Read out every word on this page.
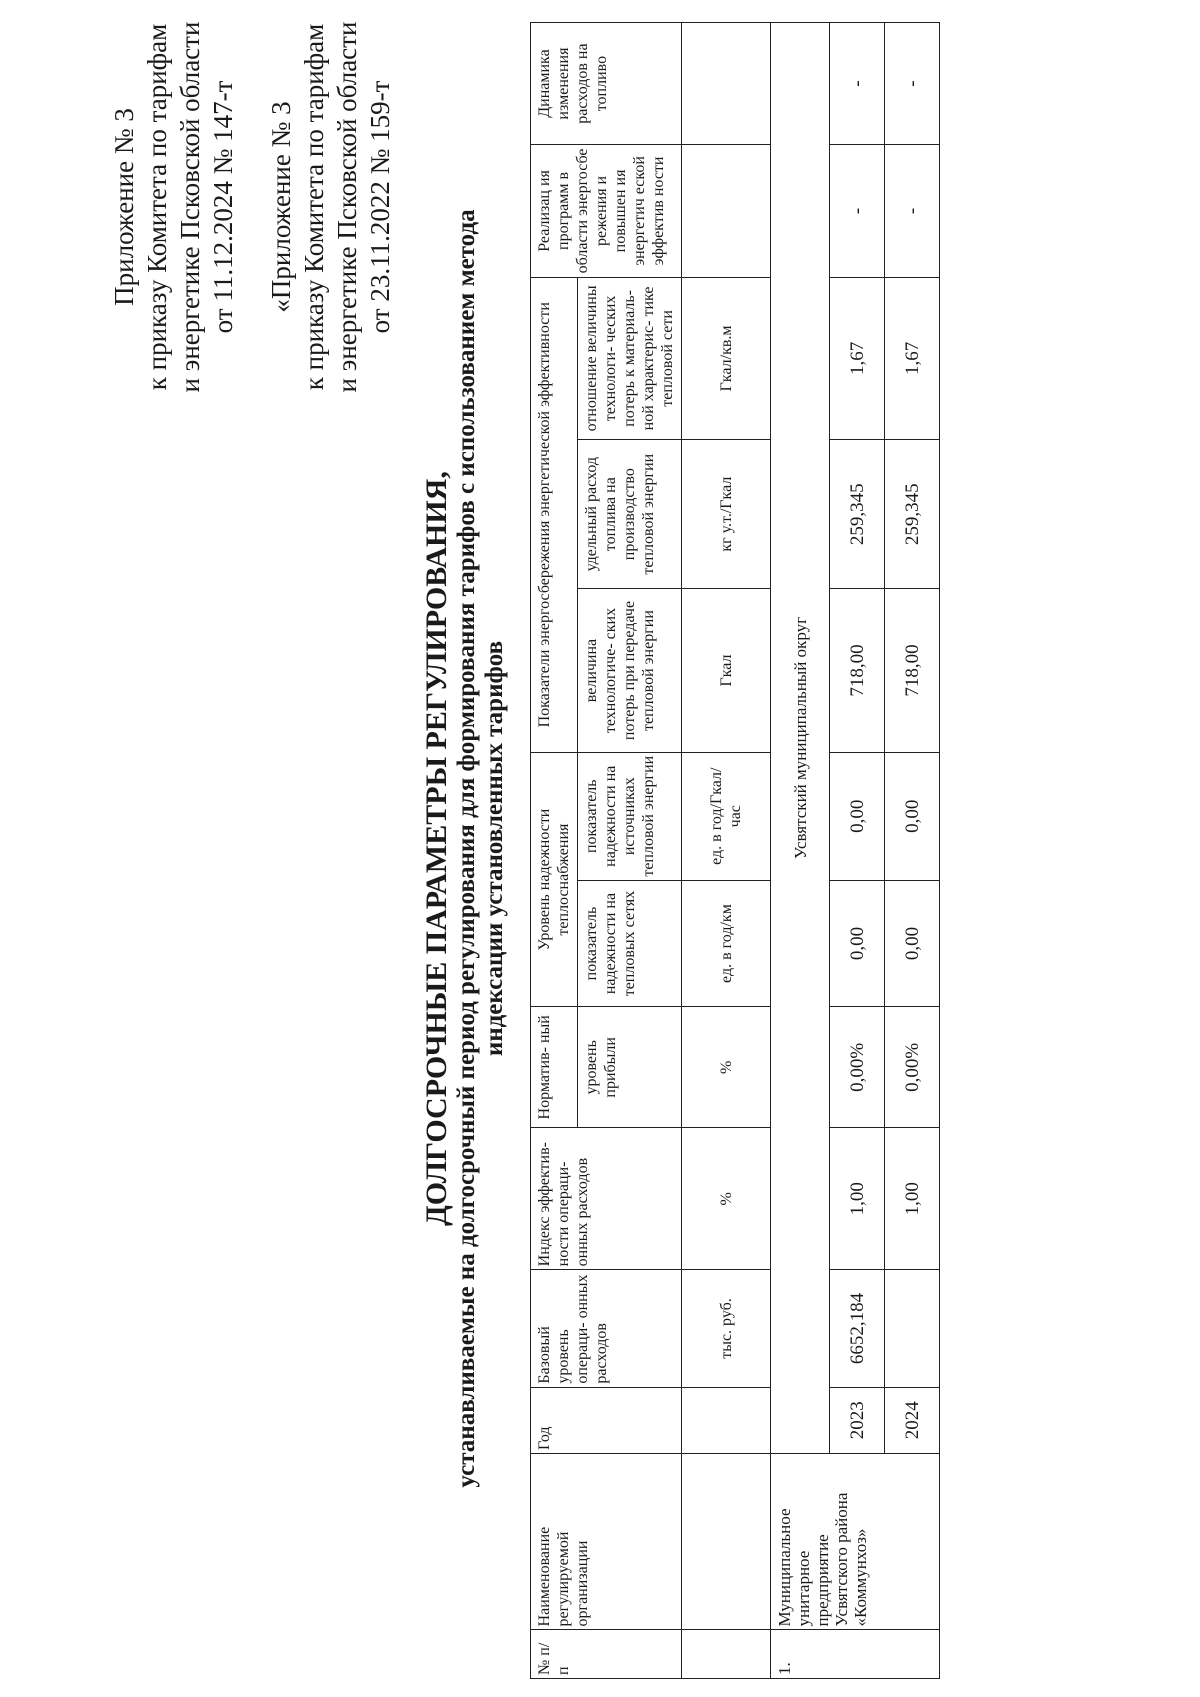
Приложение № 3 к приказу Комитета по тарифам и энергетике Псковской области от 11.12.2024 № 147-т «Приложение № 3 к приказу Комитета по тарифам и энергетике Псковской области от 23.11.2022 № 159-т
ДОЛГОСРОЧНЫЕ ПАРАМЕТРЫ РЕГУЛИРОВАНИЯ, устанавливаемые на долгосрочный период регулирования для формирования тарифов с использованием метода индексации установленных тарифов
№ п/ п	Наименование регулируемой организации	Год	Базовый уровень операци- онных расходов	Индекс эффектив- ности операци- онных расходов	Норматив- ный	Уровень надежности теплоснабжения		Показатели энергосбережения энергетической эффективности			Реализац ия программ в области энергосбе режения и повышен ия энергетич еской эффектив ности	Динамика изменения расходов на топливо
					уровень прибыли	показатель надежности на тепловых сетях	показатель надежности на источниках тепловой энергии	величина технологиче- ских потерь при передаче тепловой энергии	удельный расход топлива на производство тепловой энергии	отношение величины технологи- ческих потерь к материаль- ной характерис- тике тепловой сети		
			тыс. руб.	%	%	ед. в год/км	ед. в год/Гкал/ час	Гкал	кг у.т./Гкал	Гкал/кв.м		
1.	Муниципальное унитарное предприятие Усвятского района «Коммунхоз»	Усвятский муниципальный округ										
		2023	6652,184	1,00	0,00%	0,00	0,00	718,00	259,345	1,67	-	-
		2024		1,00	0,00%	0,00	0,00	718,00	259,345	1,67	-	-
